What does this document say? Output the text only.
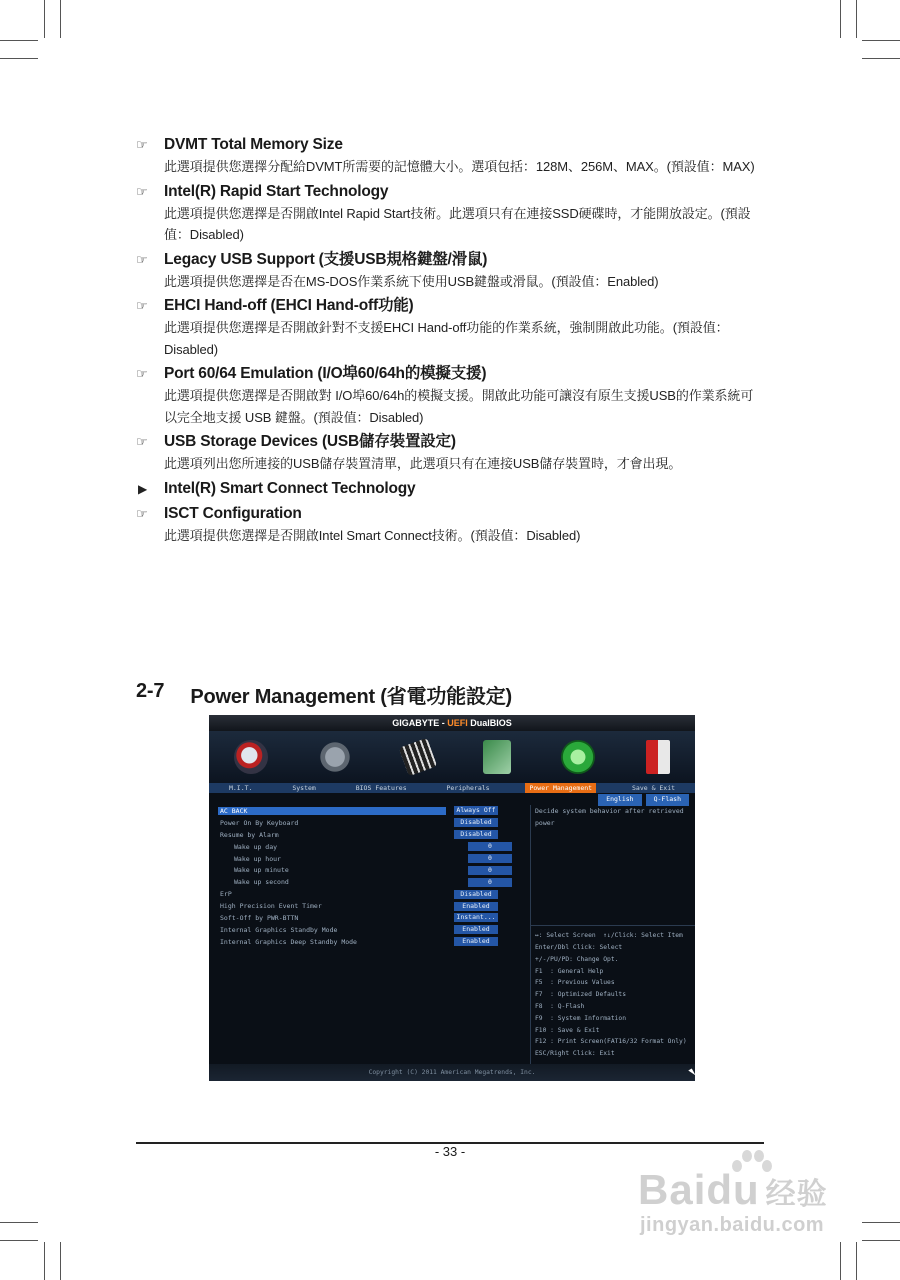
☞	DVMT Total Memory Size
此選項提供您選擇分配給DVMT所需要的記憶體大小。選項包括：128M、256M、MAX。(預設值：MAX)
☞	Intel(R) Rapid Start Technology
此選項提供您選擇是否開啟Intel Rapid Start技術。此選項只有在連接SSD硬碟時，才能開放設定。(預設值：Disabled)
☞	Legacy USB Support (支援USB規格鍵盤/滑鼠)
此選項提供您選擇是否在MS-DOS作業系統下使用USB鍵盤或滑鼠。(預設值：Enabled)
☞	EHCI Hand-off (EHCI Hand-off功能)
此選項提供您選擇是否開啟針對不支援EHCI Hand-off功能的作業系統，強制開啟此功能。(預設值：Disabled)
☞	Port 60/64 Emulation (I/O埠60/64h的模擬支援)
此選項提供您選擇是否開啟對 I/O埠60/64h的模擬支援。開啟此功能可讓沒有原生支援USB的作業系統可以完全地支援 USB 鍵盤。(預設值：Disabled)
☞	USB Storage Devices (USB儲存裝置設定)
此選項列出您所連接的USB儲存裝置清單，此選項只有在連接USB儲存裝置時，才會出現。
▶	Intel(R) Smart Connect Technology
☞	ISCT Configuration
此選項提供您選擇是否開啟Intel Smart Connect技術。(預設值：Disabled)
2-7 Power Management (省電功能設定)
GIGABYTE - UEFI DualBIOS
M.I.T.	System	BIOS Features	Peripherals	Power Management	Save & Exit
English	Q-Flash
AC BACK	Always Off
Power On By Keyboard	Disabled
Resume by Alarm	Disabled
Wake up day	0
Wake up hour	0
Wake up minute	0
Wake up second	0
ErP	Disabled
High Precision Event Timer	Enabled
Soft-Off by PWR-BTTN	Instant...
Internal Graphics Standby Mode	Enabled
Internal Graphics Deep Standby Mode	Enabled
Decide system behavior after retrieved power
↔: Select Screen  ↑↓/Click: Select Item
Enter/Dbl Click: Select
+/-/PU/PD: Change Opt.
F1  : General Help
F5  : Previous Values
F7  : Optimized Defaults
F8  : Q-Flash
F9  : System Information
F10 : Save & Exit
F12 : Print Screen(FAT16/32 Format Only)
ESC/Right Click: Exit
Copyright (C) 2011 American Megatrends, Inc.
- 33 -
Baidu 经验
jingyan.baidu.com
